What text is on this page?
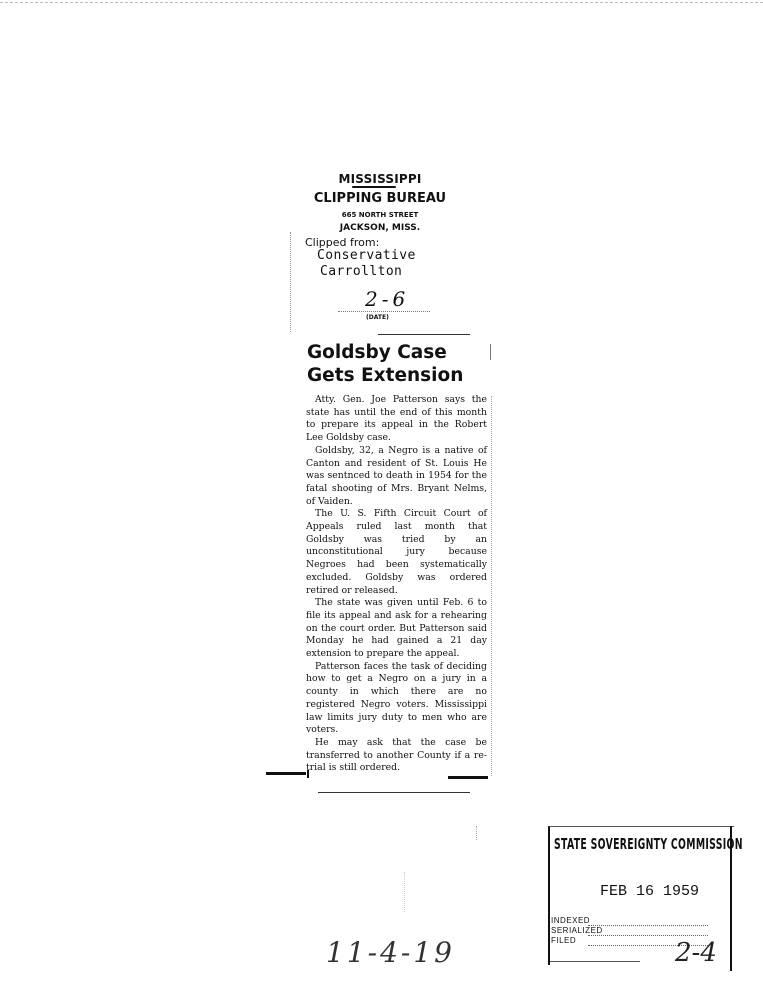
MISSISSIPPI
CLIPPING BUREAU
665 NORTH STREET
JACKSON, MISS.
Clipped from:
Conservative
Carrollton
2-6
(DATE)
Goldsby Case
Gets Extension

Atty. Gen. Joe Patterson says the state has until the end of this month to prepare its appeal in the Robert Lee Goldsby case.

Goldsby, 32, a Negro is a native of Canton and resident of St. Louis He was sentnced to death in 1954 for the fatal shooting of Mrs. Bryant Nelms, of Vaiden.

The U. S. Fifth Circuit Court of Appeals ruled last month that Goldsby was tried by an unconstitutional jury because Negroes had been systematically excluded. Goldsby was ordered retired or released.

The state was given until Feb. 6 to file its appeal and ask for a rehearing on the court order. But Patterson said Monday he had gained a 21 day extension to prepare the appeal.

Patterson faces the task of deciding how to get a Negro on a jury in a county in which there are no registered Negro voters. Mississippi law limits jury duty to men who are voters.

He may ask that the case be transferred to another County if a re-trial is still ordered.

STATE SOVEREIGNTY COMMISSION
FEB 16 1959
INDEXED
SERIALIZED
FILED	2-4
11-4-19
